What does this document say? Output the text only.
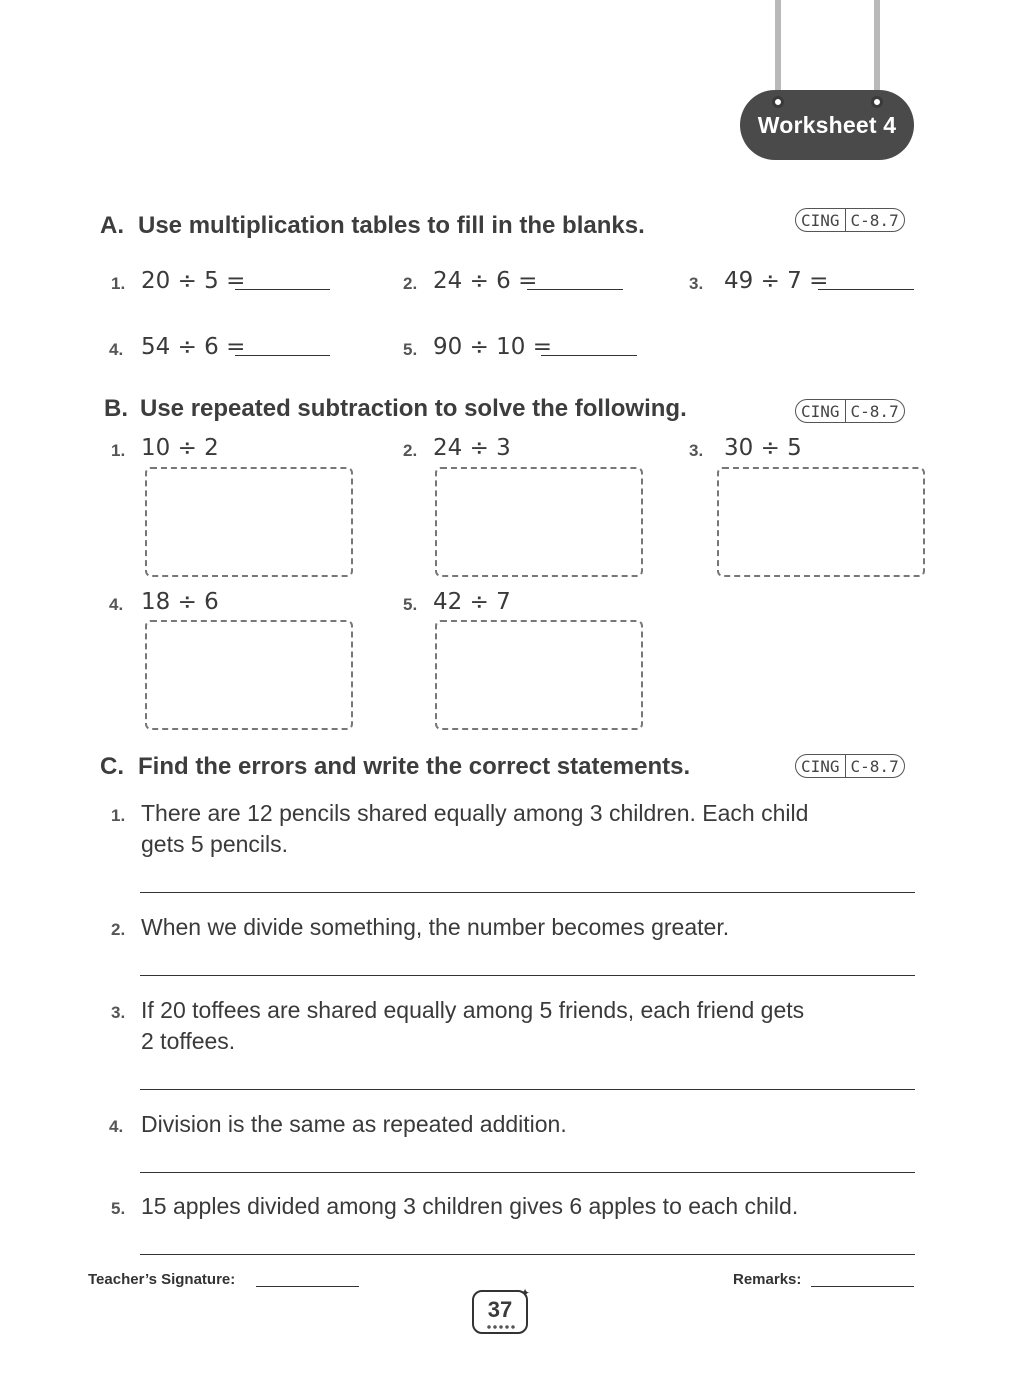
Worksheet 4
A. Use multiplication tables to fill in the blanks.	CING C-8.7
1. 20 ÷ 5 =	2. 24 ÷ 6 =	3. 49 ÷ 7 =
4. 54 ÷ 6 =	5. 90 ÷ 10 =
B. Use repeated subtraction to solve the following.	CING C-8.7
1. 10 ÷ 2	2. 24 ÷ 3	3. 30 ÷ 5
4. 18 ÷ 6	5. 42 ÷ 7
C. Find the errors and write the correct statements.	CING C-8.7
1. There are 12 pencils shared equally among 3 children. Each child
gets 5 pencils.
2. When we divide something, the number becomes greater.
3. If 20 toffees are shared equally among 5 friends, each friend gets
2 toffees.
4. Division is the same as repeated addition.
5. 15 apples divided among 3 children gives 6 apples to each child.
Teacher’s Signature:	Remarks:
37
✦
